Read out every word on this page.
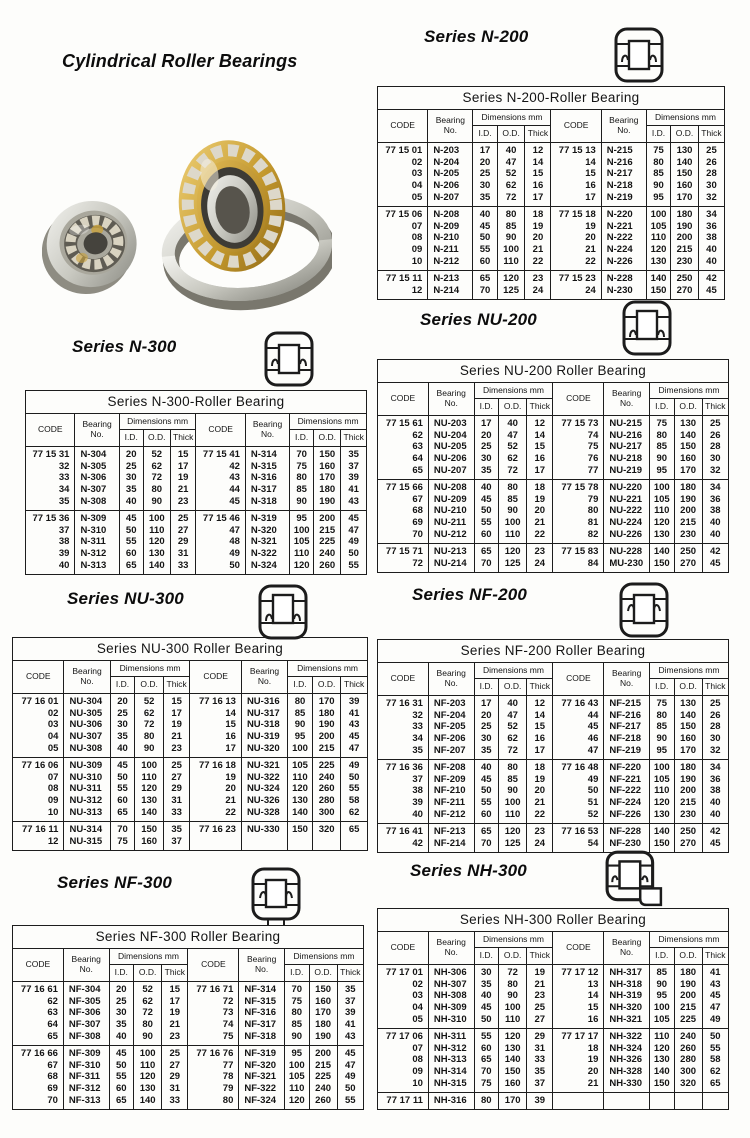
Cylindrical Roller Bearings
Series N-200
Series N-200-Roller Bearing									
CODE	Bearing No.	Dimensions mm			CODE	Bearing No.	Dimensions mm		
		I.D.	O.D.	Thick			I.D.	O.D.	Thick
77 15 01	N-203	17	40	12	77 15 13	N-215	75	130	25
02	N-204	20	47	14	14	N-216	80	140	26
03	N-205	25	52	15	15	N-217	85	150	28
04	N-206	30	62	16	16	N-218	90	160	30
05	N-207	35	72	17	17	N-219	95	170	32
77 15 06	N-208	40	80	18	77 15 18	N-220	100	180	34
07	N-209	45	85	19	19	N-221	105	190	36
08	N-210	50	90	20	20	N-222	110	200	38
09	N-211	55	100	21	21	N-224	120	215	40
10	N-212	60	110	22	22	N-226	130	230	40
77 15 11	N-213	65	120	23	77 15 23	N-228	140	250	42
12	N-214	70	125	24	24	N-230	150	270	45
Series N-300
Series N-300-Roller Bearing									
CODE	Bearing No.	Dimensions mm			CODE	Bearing No.	Dimensions mm		
		I.D.	O.D.	Thick			I.D.	O.D.	Thick
77 15 31	N-304	20	52	15	77 15 41	N-314	70	150	35
32	N-305	25	62	17	42	N-315	75	160	37
33	N-306	30	72	19	43	N-316	80	170	39
34	N-307	35	80	21	44	N-317	85	180	41
35	N-308	40	90	23	45	N-318	90	190	43
77 15 36	N-309	45	100	25	77 15 46	N-319	95	200	45
37	N-310	50	110	27	47	N-320	100	215	47
38	N-311	55	120	29	48	N-321	105	225	49
39	N-312	60	130	31	49	N-322	110	240	50
40	N-313	65	140	33	50	N-324	120	260	55
Series NU-200
Series NU-200 Roller Bearing									
CODE	Bearing No.	Dimensions mm			CODE	Bearing No.	Dimensions mm		
		I.D.	O.D.	Thick			I.D.	O.D.	Thick
77 15 61	NU-203	17	40	12	77 15 73	NU-215	75	130	25
62	NU-204	20	47	14	74	NU-216	80	140	26
63	NU-205	25	52	15	75	NU-217	85	150	28
64	NU-206	30	62	16	76	NU-218	90	160	30
65	NU-207	35	72	17	77	NU-219	95	170	32
77 15 66	NU-208	40	80	18	77 15 78	NU-220	100	180	34
67	NU-209	45	85	19	79	NU-221	105	190	36
68	NU-210	50	90	20	80	NU-222	110	200	38
69	NU-211	55	100	21	81	NU-224	120	215	40
70	NU-212	60	110	22	82	NU-226	130	230	40
77 15 71	NU-213	65	120	23	77 15 83	NU-228	140	250	42
72	NU-214	70	125	24	84	MU-230	150	270	45
Series NU-300
Series NU-300 Roller Bearing									
CODE	Bearing No.	Dimensions mm			CODE	Bearing No.	Dimensions mm		
		I.D.	O.D.	Thick			I.D.	O.D.	Thick
77 16 01	NU-304	20	52	15	77 16 13	NU-316	80	170	39
02	NU-305	25	62	17	14	NU-317	85	180	41
03	NU-306	30	72	19	15	NU-318	90	190	43
04	NU-307	35	80	21	16	NU-319	95	200	45
05	NU-308	40	90	23	17	NU-320	100	215	47
77 16 06	NU-309	45	100	25	77 16 18	NU-321	105	225	49
07	NU-310	50	110	27	19	NU-322	110	240	50
08	NU-311	55	120	29	20	NU-324	120	260	55
09	NU-312	60	130	31	21	NU-326	130	280	58
10	NU-313	65	140	33	22	NU-328	140	300	62
77 16 11	NU-314	70	150	35	77 16 23	NU-330	150	320	65
12	NU-315	75	160	37					
Series NF-200
Series NF-200 Roller Bearing									
CODE	Bearing No.	Dimensions mm			CODE	Bearing No.	Dimensions mm		
		I.D.	O.D.	Thick			I.D.	O.D.	Thick
77 16 31	NF-203	17	40	12	77 16 43	NF-215	75	130	25
32	NF-204	20	47	14	44	NF-216	80	140	26
33	NF-205	25	52	15	45	NF-217	85	150	28
34	NF-206	30	62	16	46	NF-218	90	160	30
35	NF-207	35	72	17	47	NF-219	95	170	32
77 16 36	NF-208	40	80	18	77 16 48	NF-220	100	180	34
37	NF-209	45	85	19	49	NF-221	105	190	36
38	NF-210	50	90	20	50	NF-222	110	200	38
39	NF-211	55	100	21	51	NF-224	120	215	40
40	NF-212	60	110	22	52	NF-226	130	230	40
77 16 41	NF-213	65	120	23	77 16 53	NF-228	140	250	42
42	NF-214	70	125	24	54	NF-230	150	270	45
Series NF-300
Series NF-300 Roller Bearing									
CODE	Bearing No.	Dimensions mm			CODE	Bearing No.	Dimensions mm		
		I.D.	O.D.	Thick			I.D.	O.D.	Thick
77 16 61	NF-304	20	52	15	77 16 71	NF-314	70	150	35
62	NF-305	25	62	17	72	NF-315	75	160	37
63	NF-306	30	72	19	73	NF-316	80	170	39
64	NF-307	35	80	21	74	NF-317	85	180	41
65	NF-308	40	90	23	75	NF-318	90	190	43
77 16 66	NF-309	45	100	25	77 16 76	NF-319	95	200	45
67	NF-310	50	110	27	77	NF-320	100	215	47
68	NF-311	55	120	29	78	NF-321	105	225	49
69	NF-312	60	130	31	79	NF-322	110	240	50
70	NF-313	65	140	33	80	NF-324	120	260	55
Series NH-300
Series NH-300 Roller Bearing									
CODE	Bearing No.	Dimensions mm			CODE	Bearing No.	Dimensions mm		
		I.D.	O.D.	Thick			I.D.	O.D.	Thick
77 17 01	NH-306	30	72	19	77 17 12	NH-317	85	180	41
02	NH-307	35	80	21	13	NH-318	90	190	43
03	NH-308	40	90	23	14	NH-319	95	200	45
04	NH-309	45	100	25	15	NH-320	100	215	47
05	NH-310	50	110	27	16	NH-321	105	225	49
77 17 06	NH-311	55	120	29	77 17 17	NH-322	110	240	50
07	NH-312	60	130	31	18	NH-324	120	260	55
08	NH-313	65	140	33	19	NH-326	130	280	58
09	NH-314	70	150	35	20	NH-328	140	300	62
10	NH-315	75	160	37	21	NH-330	150	320	65
77 17 11	NH-316	80	170	39					
